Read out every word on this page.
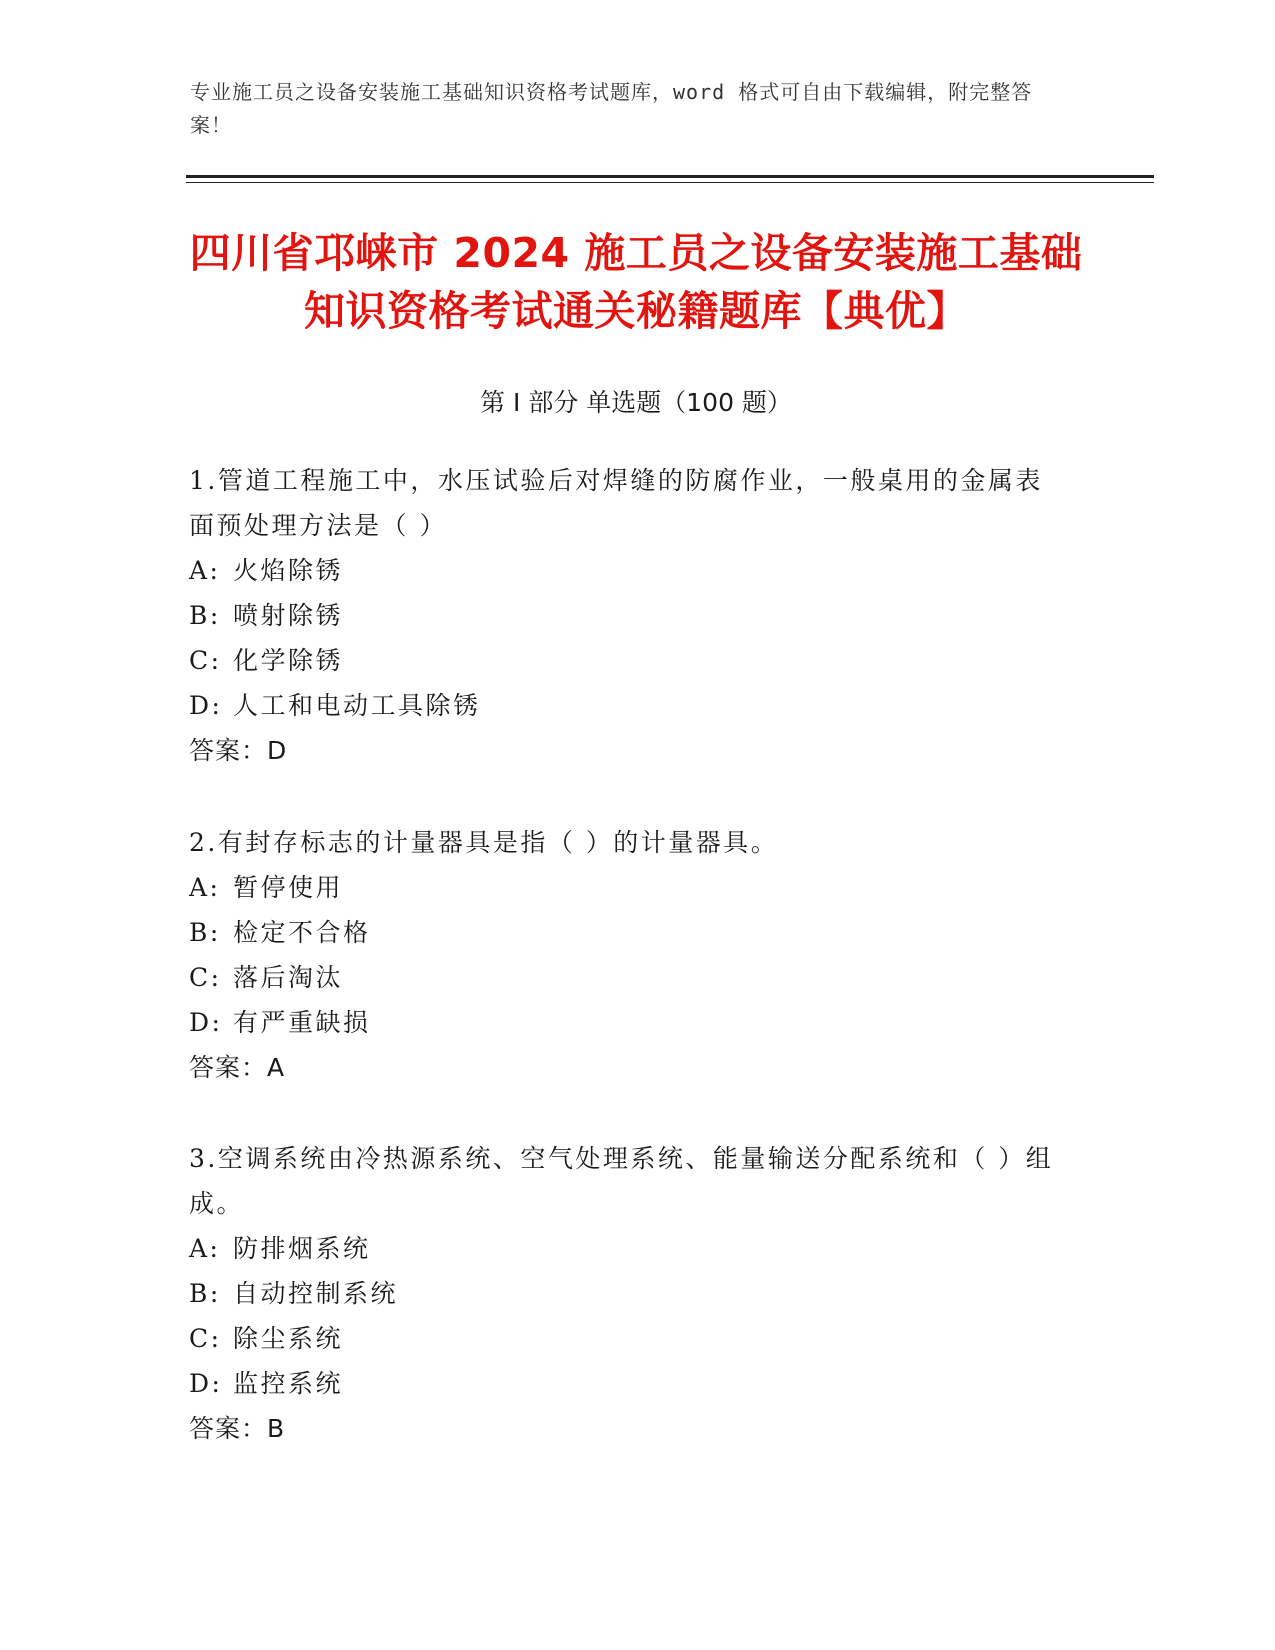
专业施工员之设备安装施工基础知识资格考试题库，word 格式可自由下载编辑，附完整答案！
四川省邛崃市 2024 施工员之设备安装施工基础知识资格考试通关秘籍题库【典优】
第 I 部分 单选题（100 题）

1.管道工程施工中，水压试验后对焊缝的防腐作业，一般桌用的金属表面预处理方法是（ ）

A: 火焰除锈

B: 喷射除锈

C: 化学除锈

D: 人工和电动工具除锈

答案：D

2.有封存标志的计量器具是指（ ）的计量器具。

A: 暂停使用

B: 检定不合格

C: 落后淘汰

D: 有严重缺损

答案：A

3.空调系统由冷热源系统、空气处理系统、能量输送分配系统和（ ）组成。

A: 防排烟系统

B: 自动控制系统

C: 除尘系统

D: 监控系统

答案：B
